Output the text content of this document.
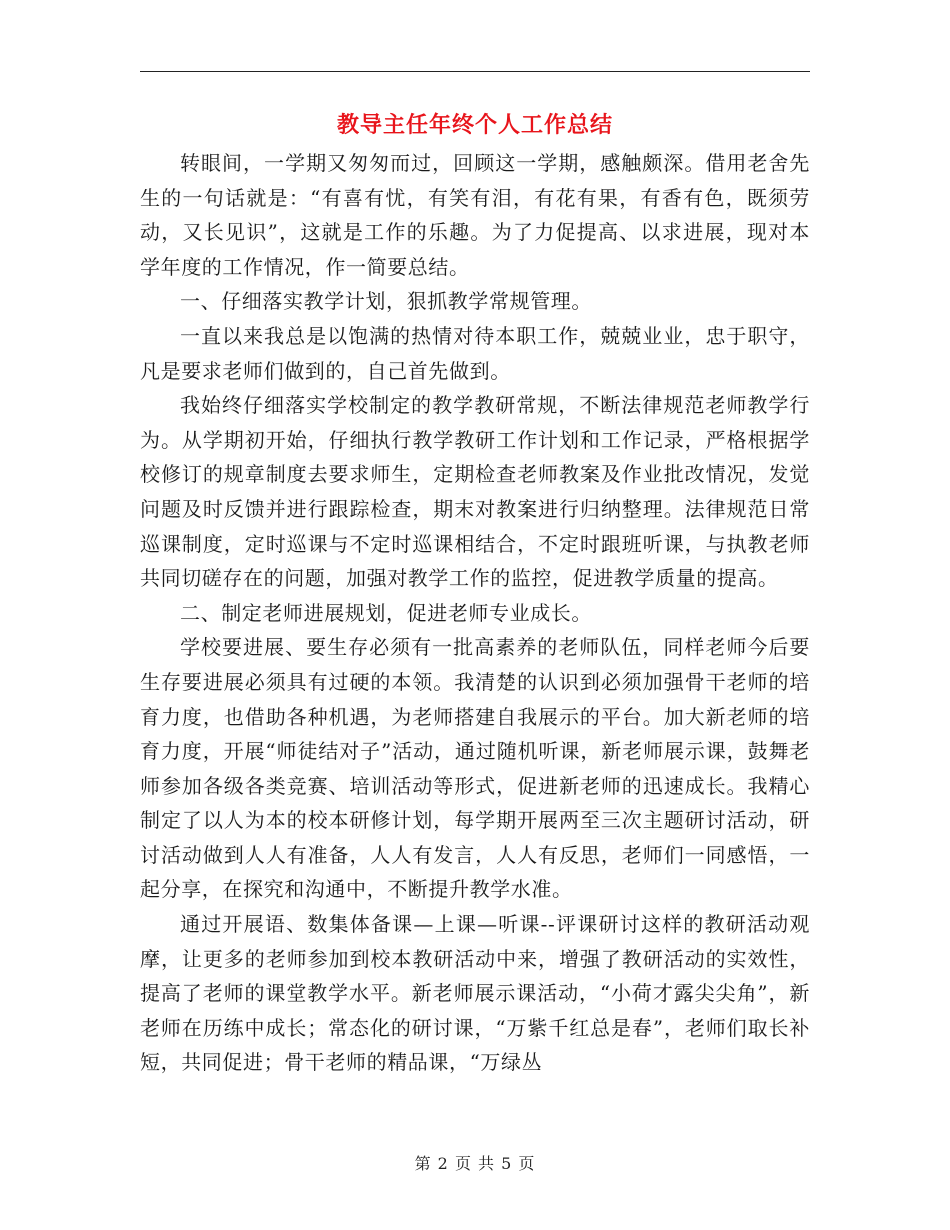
教导主任年终个人工作总结

转眼间，一学期又匆匆而过，回顾这一学期，感触颇深。借用老舍先生的一句话就是：“有喜有忧，有笑有泪，有花有果，有香有色，既须劳动，又长见识”，这就是工作的乐趣。为了力促提高、以求进展，现对本学年度的工作情况，作一简要总结。

一、仔细落实教学计划，狠抓教学常规管理。

一直以来我总是以饱满的热情对待本职工作，兢兢业业，忠于职守，凡是要求老师们做到的，自己首先做到。

我始终仔细落实学校制定的教学教研常规，不断法律规范老师教学行为。从学期初开始，仔细执行教学教研工作计划和工作记录，严格根据学校修订的规章制度去要求师生，定期检查老师教案及作业批改情况，发觉问题及时反馈并进行跟踪检查，期末对教案进行归纳整理。法律规范日常巡课制度，定时巡课与不定时巡课相结合，不定时跟班听课，与执教老师共同切磋存在的问题，加强对教学工作的监控，促进教学质量的提高。

二、制定老师进展规划，促进老师专业成长。

学校要进展、要生存必须有一批高素养的老师队伍，同样老师今后要生存要进展必须具有过硬的本领。我清楚的认识到必须加强骨干老师的培育力度，也借助各种机遇，为老师搭建自我展示的平台。加大新老师的培育力度，开展“师徒结对子”活动，通过随机听课，新老师展示课，鼓舞老师参加各级各类竞赛、培训活动等形式，促进新老师的迅速成长。我精心制定了以人为本的校本研修计划，每学期开展两至三次主题研讨活动，研讨活动做到人人有准备，人人有发言，人人有反思，老师们一同感悟，一起分享，在探究和沟通中，不断提升教学水准。

通过开展语、数集体备课—上课—听课--评课研讨这样的教研活动观摩，让更多的老师参加到校本教研活动中来，增强了教研活动的实效性，提高了老师的课堂教学水平。新老师展示课活动，“小荷才露尖尖角”，新老师在历练中成长；常态化的研讨课，“万紫千红总是春”，老师们取长补短，共同促进；骨干老师的精品课，“万绿丛

第 2 页 共 5 页
